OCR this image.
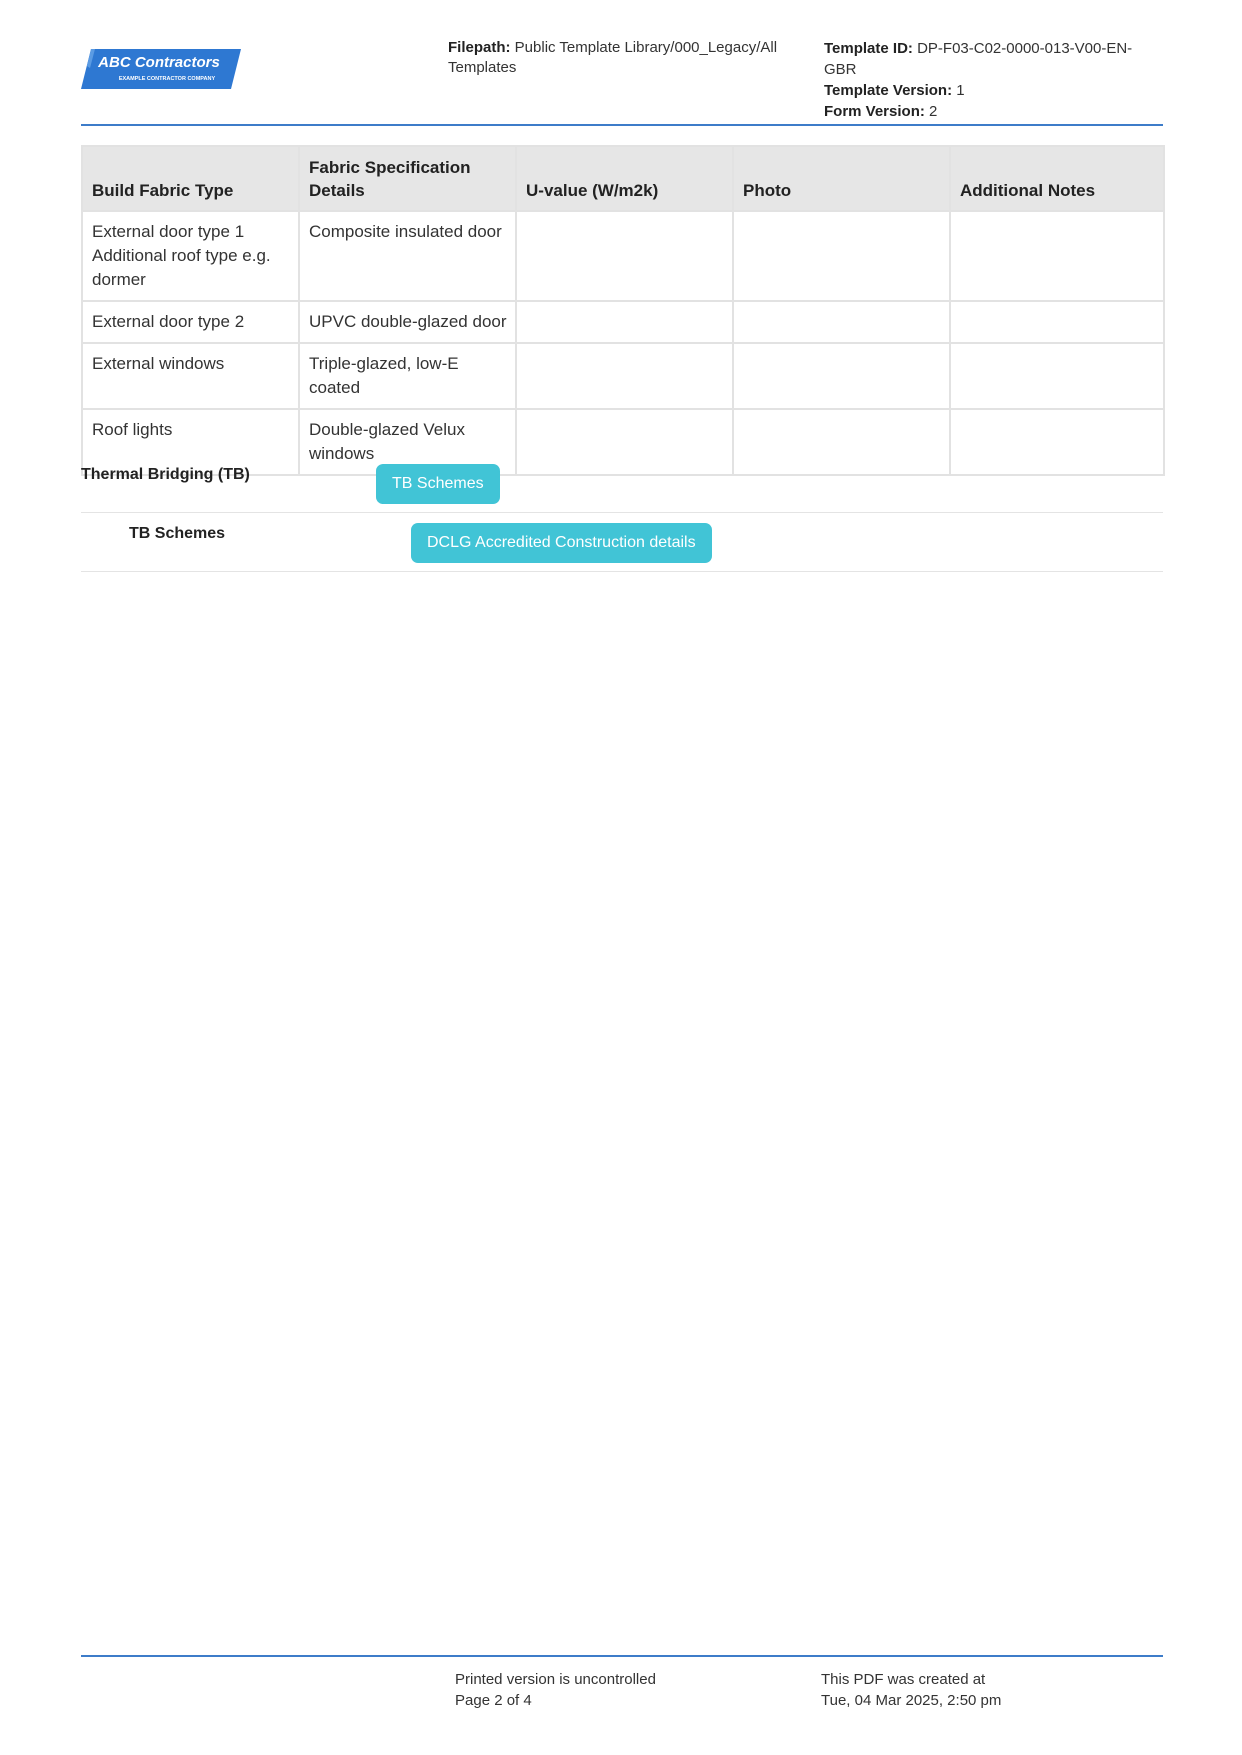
ABC Contractors
EXAMPLE CONTRACTOR COMPANY
Filepath: Public Template Library/000_Legacy/All Templates
Template ID: DP-F03-C02-0000-013-V00-EN-GBR
Template Version: 1
Form Version: 2
Build Fabric Type	Fabric Specification Details	U-value (W/m2k)	Photo	Additional Notes

External door type 1
Additional roof type e.g. dormer	Composite insulated door			

External door type 2	UPVC double-glazed door			

External windows	Triple-glazed, low-E coated			

Roof lights	Double-glazed Velux windows			
Thermal Bridging (TB)
TB Schemes
TB Schemes
DCLG Accredited Construction details
Printed version is uncontrolled
Page 2 of 4
This PDF was created at
Tue, 04 Mar 2025, 2:50 pm
